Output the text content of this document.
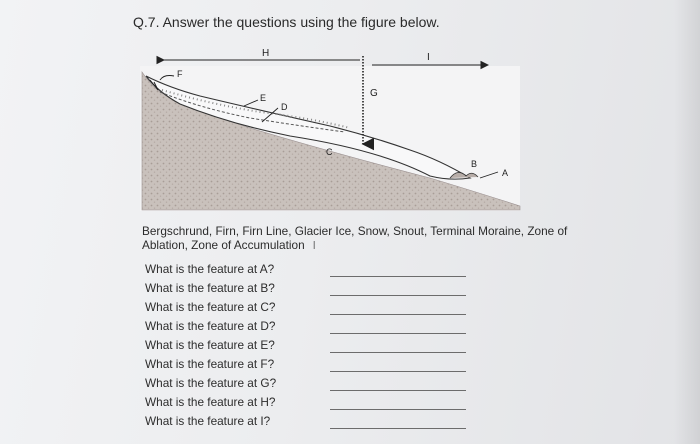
Q.7. Answer the questions using the figure below.
F
H	I
G
E
D
C
B
A
Bergschrund, Firn, Firn Line, Glacier Ice, Snow, Snout, Terminal Moraine, Zone of Ablation, Zone of Accumulation I
What is the feature at A?
What is the feature at B?
What is the feature at C?
What is the feature at D?
What is the feature at E?
What is the feature at F?
What is the feature at G?
What is the feature at H?
What is the feature at I?
